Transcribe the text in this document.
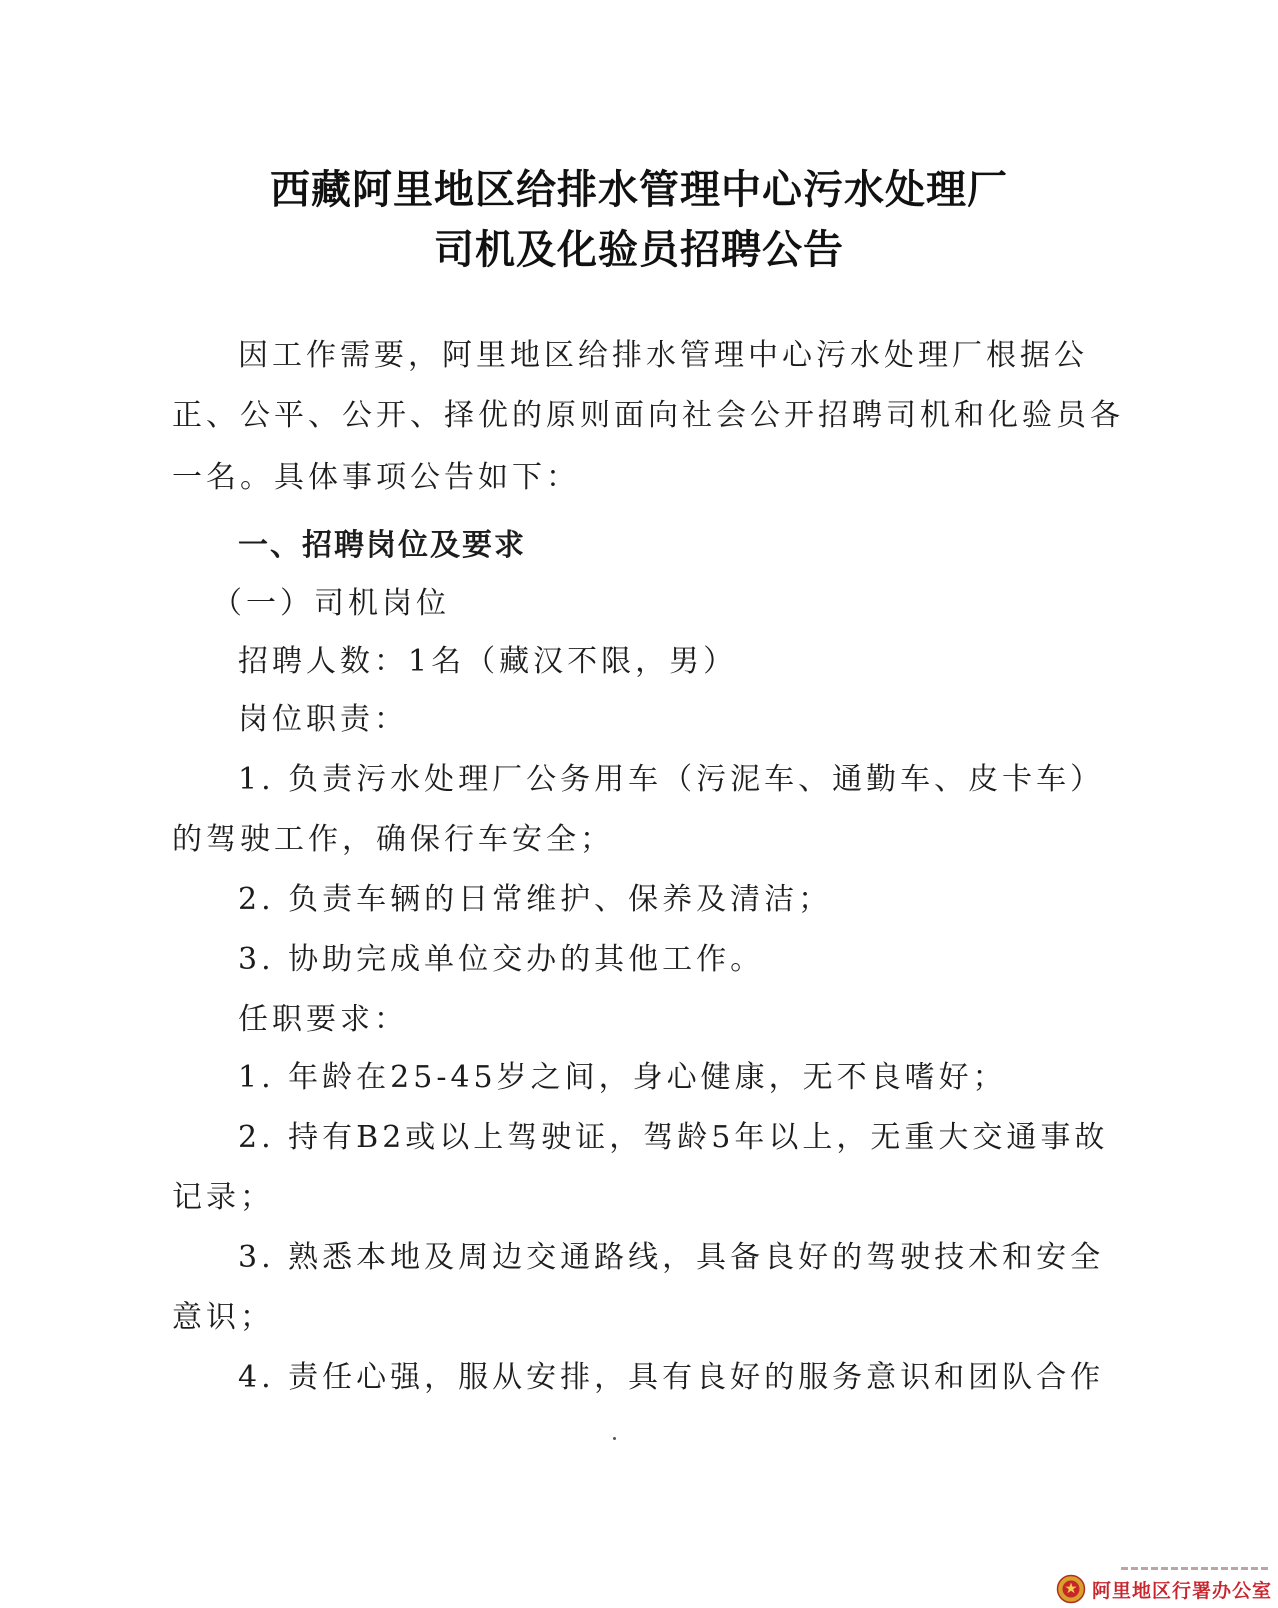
西藏阿里地区给排水管理中心污水处理厂
司机及化验员招聘公告
因工作需要，阿里地区给排水管理中心污水处理厂根据公
正、公平、公开、择优的原则面向社会公开招聘司机和化验员各
一名。具体事项公告如下：
一、招聘岗位及要求
（一）司机岗位
招聘人数：1名（藏汉不限，男）
岗位职责：
1. 负责污水处理厂公务用车（污泥车、通勤车、皮卡车）
的驾驶工作，确保行车安全；
2. 负责车辆的日常维护、保养及清洁；
3. 协助完成单位交办的其他工作。
任职要求：
1. 年龄在25-45岁之间，身心健康，无不良嗜好；
2. 持有B2或以上驾驶证，驾龄5年以上，无重大交通事故
记录；
3. 熟悉本地及周边交通路线，具备良好的驾驶技术和安全
意识；
4. 责任心强，服从安排，具有良好的服务意识和团队合作
阿里地区行署办公室
